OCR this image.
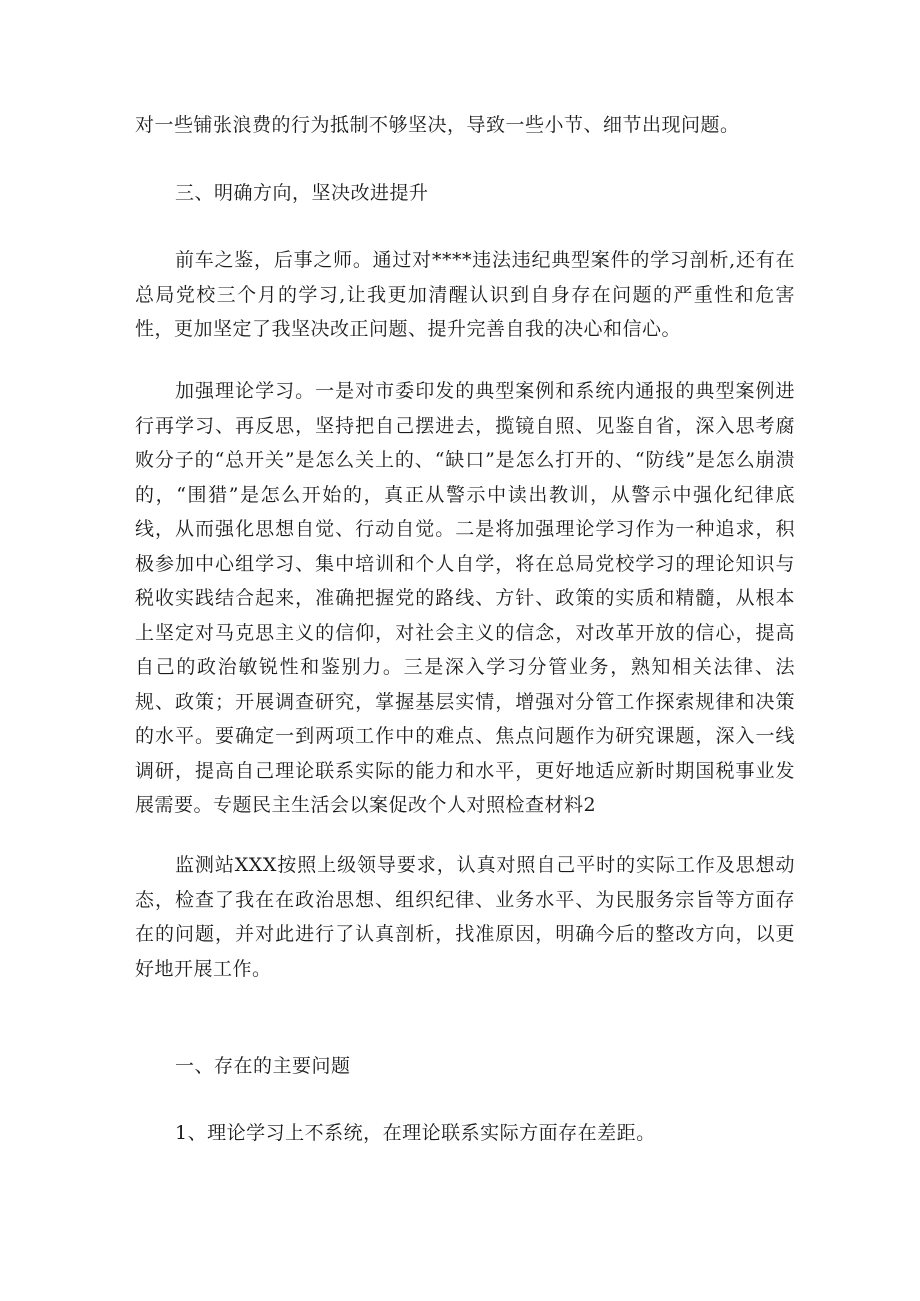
对一些铺张浪费的行为抵制不够坚决，导致一些小节、细节出现问题。

三、明确方向，坚决改进提升

前车之鉴，后事之师。通过对****违法违纪典型案件的学习剖析,还有在总局党校三个月的学习,让我更加清醒认识到自身存在问题的严重性和危害性，更加坚定了我坚决改正问题、提升完善自我的决心和信心。

加强理论学习。一是对市委印发的典型案例和系统内通报的典型案例进行再学习、再反思，坚持把自己摆进去，揽镜自照、见鉴自省，深入思考腐败分子的“总开关”是怎么关上的、“缺口”是怎么打开的、“防线”是怎么崩溃的，“围猎”是怎么开始的，真正从警示中读出教训，从警示中强化纪律底线，从而强化思想自觉、行动自觉。二是将加强理论学习作为一种追求，积极参加中心组学习、集中培训和个人自学，将在总局党校学习的理论知识与税收实践结合起来，准确把握党的路线、方针、政策的实质和精髓，从根本上坚定对马克思主义的信仰，对社会主义的信念，对改革开放的信心，提高自己的政治敏锐性和鉴别力。三是深入学习分管业务，熟知相关法律、法规、政策；开展调查研究，掌握基层实情，增强对分管工作探索规律和决策的水平。要确定一到两项工作中的难点、焦点问题作为研究课题，深入一线调研，提高自己理论联系实际的能力和水平，更好地适应新时期国税事业发展需要。专题民主生活会以案促改个人对照检查材料2

监测站XXX按照上级领导要求，认真对照自己平时的实际工作及思想动态，检查了我在在政治思想、组织纪律、业务水平、为民服务宗旨等方面存在的问题，并对此进行了认真剖析，找准原因，明确今后的整改方向，以更好地开展工作。

一、存在的主要问题

1、理论学习上不系统，在理论联系实际方面存在差距。
